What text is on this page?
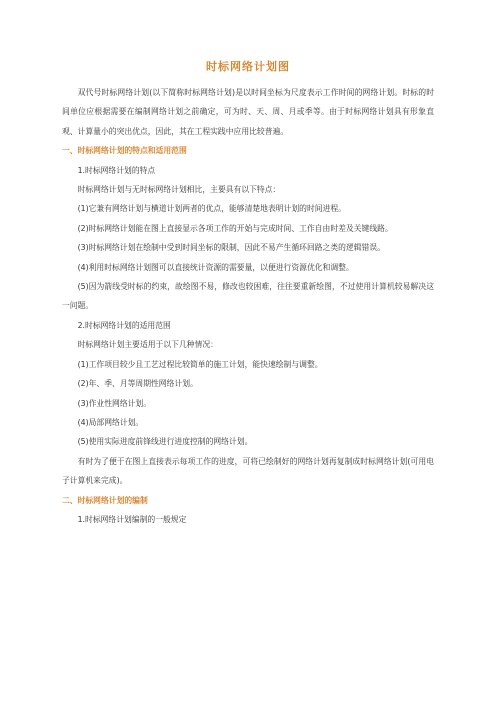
时标网络计划图

双代号时标网络计划(以下简称时标网络计划)是以时间坐标为尺度表示工作时间的网络计划。时标的时间单位应根据需要在编制网络计划之前确定，可为时、天、周、月或季等。由于时标网络计划具有形象直观、计算量小的突出优点，因此，其在工程实践中应用比较普遍。

一、时标网络计划的特点和适用范围

1.时标网络计划的特点

时标网络计划与无时标网络计划相比，主要具有以下特点：

(1)它兼有网络计划与横道计划两者的优点，能够清楚地表明计划的时间进程。

(2)时标网络计划能在图上直接显示各项工作的开始与完成时间、工作自由时差及关键线路。

(3)时标网络计划在绘制中受到时间坐标的限制，因此不易产生循环回路之类的逻辑错误。

(4)利用时标网络计划图可以直接统计资源的需要量，以便进行资源优化和调整。

(5)因为箭线受时标的约束，故绘图不易，修改也较困难，往往要重新绘图，不过使用计算机较易解决这一问题。

2.时标网络计划的适用范围

时标网络计划主要适用于以下几种情况：

(1)工作项目较少且工艺过程比较简单的施工计划，能快速绘制与调整。

(2)年、季、月等周期性网络计划。

(3)作业性网络计划。

(4)局部网络计划。

(5)使用实际进度前锋线进行进度控制的网络计划。

有时为了便于在图上直接表示每项工作的进度，可将已绘制好的网络计划再复制成时标网络计划(可用电子计算机来完成)。

二、时标网络计划的编制

1.时标网络计划编制的一般规定
